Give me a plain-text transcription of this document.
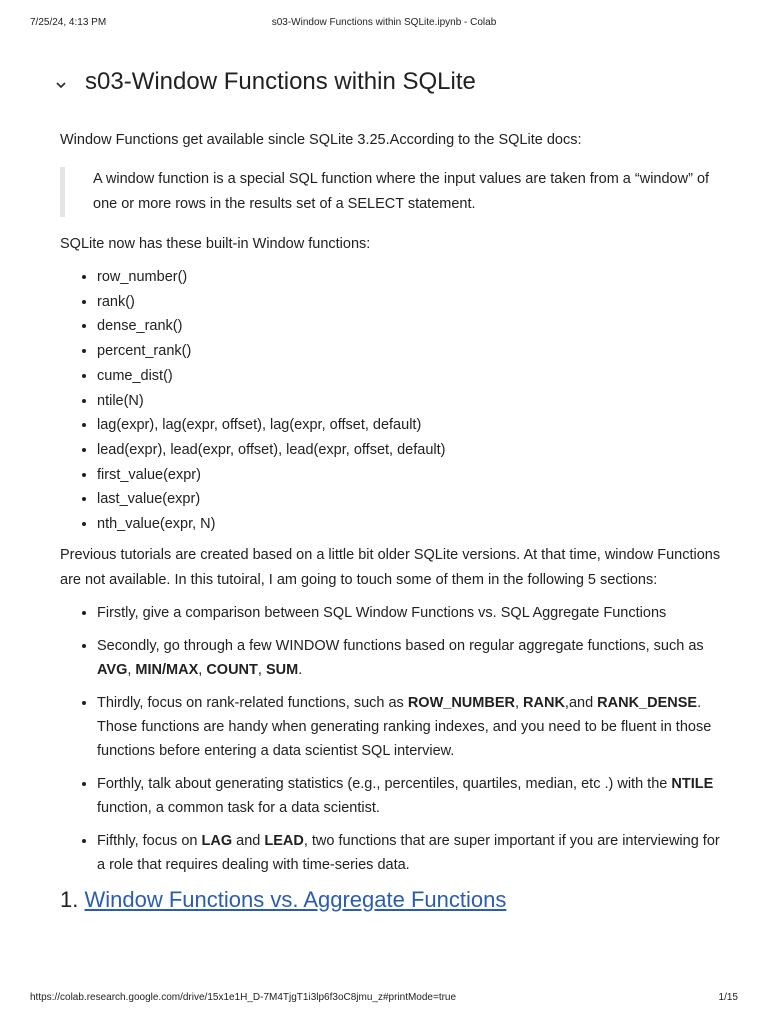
7/25/24, 4:13 PM	s03-Window Functions within SQLite.ipynb - Colab
s03-Window Functions within SQLite

Window Functions get available sincle SQLite 3.25.According to the SQLite docs:

A window function is a special SQL function where the input values are taken from a “window” of one or more rows in the results set of a SELECT statement.

SQLite now has these built-in Window functions:

• row_number()
• rank()
• dense_rank()
• percent_rank()
• cume_dist()
• ntile(N)
• lag(expr), lag(expr, offset), lag(expr, offset, default)
• lead(expr), lead(expr, offset), lead(expr, offset, default)
• first_value(expr)
• last_value(expr)
• nth_value(expr, N)

Previous tutorials are created based on a little bit older SQLite versions. At that time, window Functions are not available. In this tutoiral, I am going to touch some of them in the following 5 sections:

• Firstly, give a comparison between SQL Window Functions vs. SQL Aggregate Functions
• Secondly, go through a few WINDOW functions based on regular aggregate functions, such as AVG, MIN/MAX, COUNT, SUM.
• Thirdly, focus on rank-related functions, such as ROW_NUMBER, RANK,and RANK_DENSE. Those functions are handy when generating ranking indexes, and you need to be fluent in those functions before entering a data scientist SQL interview.
• Forthly, talk about generating statistics (e.g., percentiles, quartiles, median, etc .) with the NTILE function, a common task for a data scientist.
• Fifthly, focus on LAG and LEAD, two functions that are super important if you are interviewing for a role that requires dealing with time-series data.
1. Window Functions vs. Aggregate Functions
https://colab.research.google.com/drive/15x1e1H_D-7M4TjgT1i3lp6f3oC8jmu_z#printMode=true	1/15
